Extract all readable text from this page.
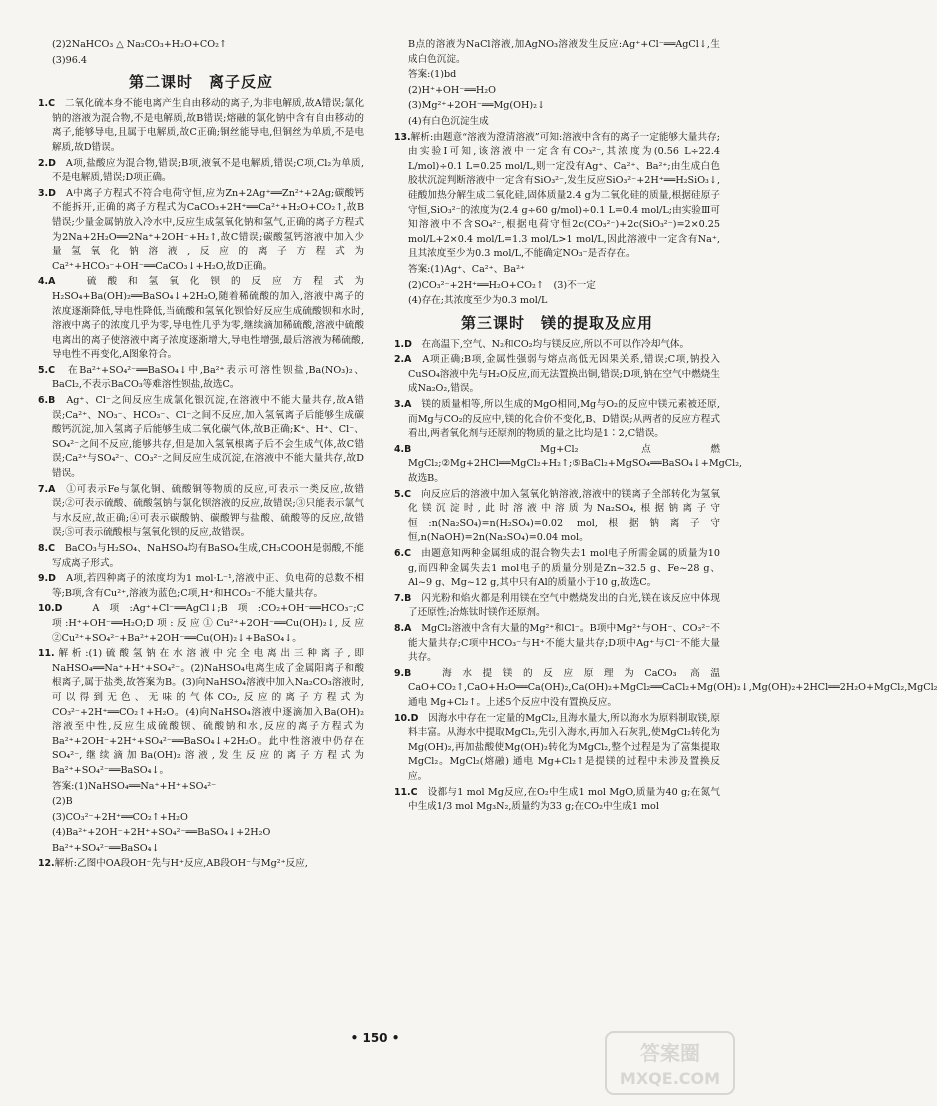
(2)2NaHCO₃ △ Na₂CO₃+H₂O+CO₂↑

(3)96.4

第二课时　离子反应

1.C　二氧化硫本身不能电离产生自由移动的离子,为非电解质,故A错误;氯化钠的溶液为混合物,不是电解质,故B错误;熔融的氯化钠中含有自由移动的离子,能够导电,且属于电解质,故C正确;铜丝能导电,但铜丝为单质,不是电解质,故D错误。

2.D　A项,盐酸应为混合物,错误;B项,液氧不是电解质,错误;C项,Cl₂为单质,不是电解质,错误;D项正确。

3.D　A中离子方程式不符合电荷守恒,应为Zn+2Ag⁺══Zn²⁺+2Ag;碳酸钙不能拆开,正确的离子方程式为CaCO₃+2H⁺══Ca²⁺+H₂O+CO₂↑,故B错误;少量金属钠放入冷水中,反应生成氢氧化钠和氢气,正确的离子方程式为2Na+2H₂O══2Na⁺+2OH⁻+H₂↑,故C错误;碳酸氢钙溶液中加入少量氢氧化钠溶液,反应的离子方程式为Ca²⁺+HCO₃⁻+OH⁻══CaCO₃↓+H₂O,故D正确。

4.A　硫酸和氢氧化钡的反应方程式为H₂SO₄+Ba(OH)₂══BaSO₄↓+2H₂O,随着稀硫酸的加入,溶液中离子的浓度逐渐降低,导电性降低,当硫酸和氢氧化钡恰好反应生成硫酸钡和水时,溶液中离子的浓度几乎为零,导电性几乎为零,继续滴加稀硫酸,溶液中硫酸电离出的离子使溶液中离子浓度逐渐增大,导电性增强,最后溶液为稀硫酸,导电性不再变化,A图象符合。

5.C　在Ba²⁺+SO₄²⁻══BaSO₄↓中,Ba²⁺表示可溶性钡盐,Ba(NO₃)₂、BaCl₂,不表示BaCO₃等难溶性钡盐,故选C。

6.B　Ag⁺、Cl⁻之间反应生成氯化银沉淀,在溶液中不能大量共存,故A错误;Ca²⁺、NO₃⁻、HCO₃⁻、Cl⁻之间不反应,加入氢氧离子后能够生成碳酸钙沉淀,加入氢离子后能够生成二氧化碳气体,故B正确;K⁺、H⁺、Cl⁻、SO₄²⁻之间不反应,能够共存,但是加入氢氧根离子后不会生成气体,故C错误;Ca²⁺与SO₄²⁻、CO₃²⁻之间反应生成沉淀,在溶液中不能大量共存,故D错误。

7.A　①可表示Fe与氯化铜、硫酸铜等物质的反应,可表示一类反应,故错误;②可表示硫酸、硫酸氢钠与氯化钡溶液的反应,故错误;③只能表示氯气与水反应,故正确;④可表示碳酸钠、碳酸钾与盐酸、硫酸等的反应,故错误;⑤可表示硫酸根与氢氧化钡的反应,故错误。

8.C　BaCO₃与H₂SO₄、NaHSO₄均有BaSO₄生成,CH₃COOH是弱酸,不能写成离子形式。

9.D　A项,若四种离子的浓度均为1 mol·L⁻¹,溶液中正、负电荷的总数不相等;B项,含有Cu²⁺,溶液为蓝色;C项,H⁺和HCO₃⁻不能大量共存。

10.D　A项:Ag⁺+Cl⁻══AgCl↓;B项:CO₂+OH⁻══HCO₃⁻;C项:H⁺+OH⁻══H₂O;D项:反应①Cu²⁺+2OH⁻══Cu(OH)₂↓,反应②Cu²⁺+SO₄²⁻+Ba²⁺+2OH⁻══Cu(OH)₂↓+BaSO₄↓。

11.解析:(1)硫酸氢钠在水溶液中完全电离出三种离子,即NaHSO₄══Na⁺+H⁺+SO₄²⁻。(2)NaHSO₄电离生成了金属阳离子和酸根离子,属于盐类,故答案为B。(3)向NaHSO₄溶液中加入Na₂CO₃溶液时,可以得到无色、无味的气体CO₂,反应的离子方程式为CO₃²⁻+2H⁺══CO₂↑+H₂O。(4)向NaHSO₄溶液中逐滴加入Ba(OH)₂溶液至中性,反应生成硫酸钡、硫酸钠和水,反应的离子方程式为Ba²⁺+2OH⁻+2H⁺+SO₄²⁻══BaSO₄↓+2H₂O。此中性溶液中仍存在SO₄²⁻,继续滴加Ba(OH)₂溶液,发生反应的离子方程式为Ba²⁺+SO₄²⁻══BaSO₄↓。

答案:(1)NaHSO₄══Na⁺+H⁺+SO₄²⁻

(2)B

(3)CO₃²⁻+2H⁺══CO₂↑+H₂O

(4)Ba²⁺+2OH⁻+2H⁺+SO₄²⁻══BaSO₄↓+2H₂O

Ba²⁺+SO₄²⁻══BaSO₄↓

12.解析:乙图中OA段OH⁻先与H⁺反应,AB段OH⁻与Mg²⁺反应,

B点的溶液为NaCl溶液,加AgNO₃溶液发生反应:Ag⁺+Cl⁻══AgCl↓,生成白色沉淀。

答案:(1)bd

(2)H⁺+OH⁻══H₂O

(3)Mg²⁺+2OH⁻══Mg(OH)₂↓

(4)有白色沉淀生成

13.解析:由题意“溶液为澄清溶液”可知:溶液中含有的离子一定能够大量共存;由实验Ⅰ可知,该溶液中一定含有CO₃²⁻,其浓度为(0.56 L÷22.4 L/mol)÷0.1 L=0.25 mol/L,则一定没有Ag⁺、Ca²⁺、Ba²⁺;由生成白色胶状沉淀判断溶液中一定含有SiO₃²⁻,发生反应SiO₃²⁻+2H⁺══H₂SiO₃↓,硅酸加热分解生成二氧化硅,固体质量2.4 g为二氧化硅的质量,根据硅原子守恒,SiO₃²⁻的浓度为(2.4 g÷60 g/mol)÷0.1 L=0.4 mol/L;由实验Ⅲ可知溶液中不含SO₄²⁻,根据电荷守恒2c(CO₃²⁻)+2c(SiO₃²⁻)=2×0.25 mol/L+2×0.4 mol/L=1.3 mol/L>1 mol/L,因此溶液中一定含有Na⁺,且其浓度至少为0.3 mol/L,不能确定NO₃⁻是否存在。

答案:(1)Ag⁺、Ca²⁺、Ba²⁺

(2)CO₃²⁻+2H⁺══H₂O+CO₂↑　(3)不一定

(4)存在;其浓度至少为0.3 mol/L

第三课时　镁的提取及应用

1.D　在高温下,空气、N₂和CO₂均与镁反应,所以不可以作冷却气体。

2.A　A项正确;B项,金属性强弱与熔点高低无因果关系,错误;C项,钠投入CuSO₄溶液中先与H₂O反应,而无法置换出铜,错误;D项,钠在空气中燃烧生成Na₂O₂,错误。

3.A　镁的质量相等,所以生成的MgO相同,Mg与O₂的反应中镁元素被还原,而Mg与CO₂的反应中,镁的化合价不变化,B、D错误;从两者的反应方程式看出,两者氧化剂与还原剂的物质的量之比均是1∶2,C错误。

4.B　Mg+Cl₂ 点燃 MgCl₂;②Mg+2HCl══MgCl₂+H₂↑;⑤BaCl₂+MgSO₄══BaSO₄↓+MgCl₂,故选B。

5.C　向反应后的溶液中加入氢氧化钠溶液,溶液中的镁离子全部转化为氢氧化镁沉淀时,此时溶液中溶质为Na₂SO₄,根据钠离子守恒:n(Na₂SO₄)=n(H₂SO₄)=0.02 mol,根据钠离子守恒,n(NaOH)=2n(Na₂SO₄)=0.04 mol。

6.C　由题意知两种金属组成的混合物失去1 mol电子所需金属的质量为10 g,而四种金属失去1 mol电子的质量分别是Zn~32.5 g、Fe~28 g、Al~9 g、Mg~12 g,其中只有Al的质量小于10 g,故选C。

7.B　闪光粉和焰火都是利用镁在空气中燃烧发出的白光,镁在该反应中体现了还原性;冶炼钛时镁作还原剂。

8.A　MgCl₂溶液中含有大量的Mg²⁺和Cl⁻。B项中Mg²⁺与OH⁻、CO₃²⁻不能大量共存;C项中HCO₃⁻与H⁺不能大量共存;D项中Ag⁺与Cl⁻不能大量共存。

9.B　海水提镁的反应原理为CaCO₃ 高温 CaO+CO₂↑,CaO+H₂O══Ca(OH)₂,Ca(OH)₂+MgCl₂══CaCl₂+Mg(OH)₂↓,Mg(OH)₂+2HCl══2H₂O+MgCl₂,MgCl₂ 通电 Mg+Cl₂↑。上述5个反应中没有置换反应。

10.D　因海水中存在一定量的MgCl₂,且海水量大,所以海水为原料制取镁,原料丰富。从海水中提取MgCl₂,先引入海水,再加入石灰乳,使MgCl₂转化为Mg(OH)₂,再加盐酸使Mg(OH)₂转化为MgCl₂,整个过程是为了富集提取MgCl₂。MgCl₂(熔融) 通电 Mg+Cl₂↑是提镁的过程中未涉及置换反应。

11.C　设都与1 mol Mg反应,在O₂中生成1 mol MgO,质量为40 g;在氮气中生成1/3 mol Mg₃N₂,质量约为33 g;在CO₂中生成1 mol

• 150 •
答案圈
MXQE.COM
